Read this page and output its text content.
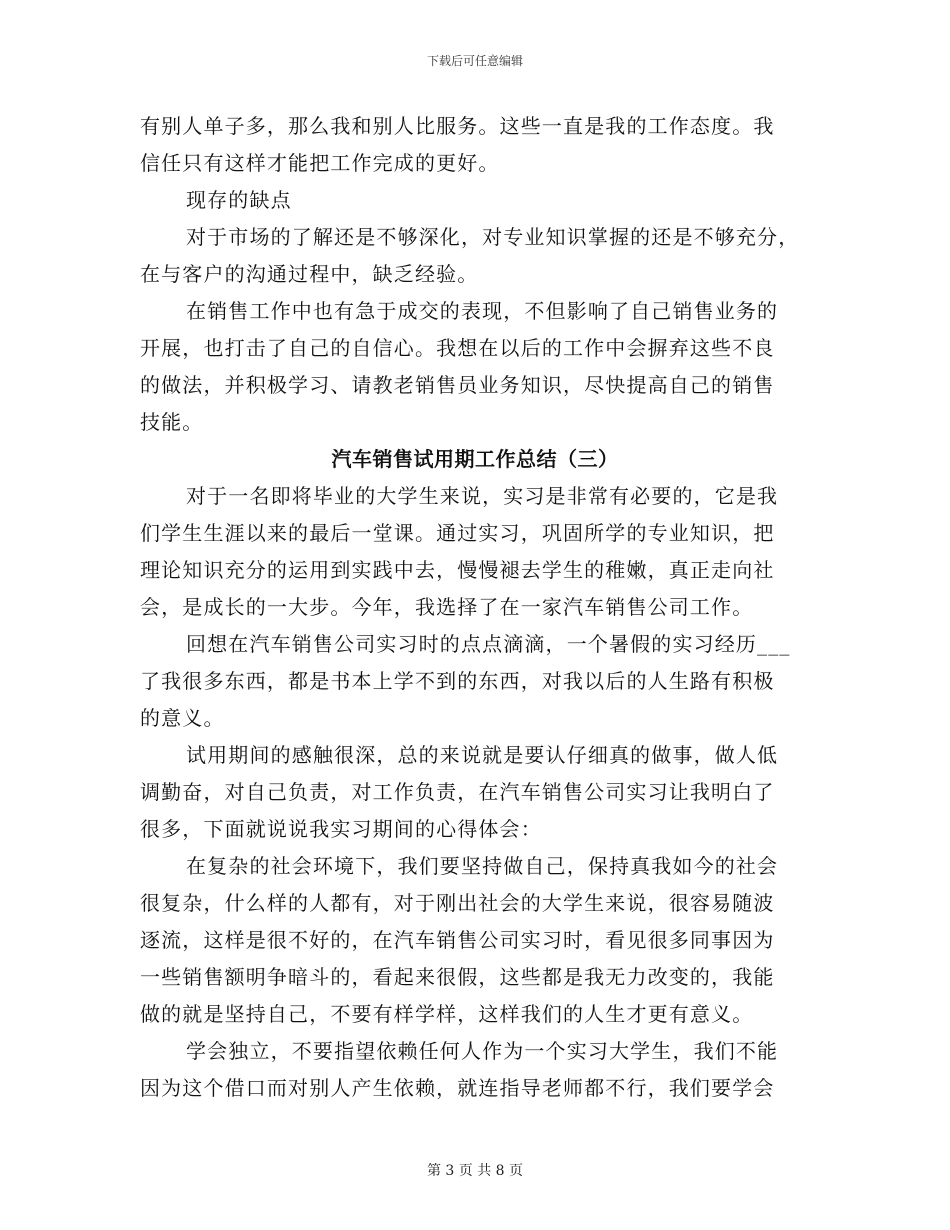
下载后可任意编辑
有别人单子多，那么我和别人比服务。这些一直是我的工作态度。我
信任只有这样才能把工作完成的更好。
现存的缺点
对于市场的了解还是不够深化，对专业知识掌握的还是不够充分，
在与客户的沟通过程中，缺乏经验。
在销售工作中也有急于成交的表现，不但影响了自己销售业务的
开展，也打击了自己的自信心。我想在以后的工作中会摒弃这些不良
的做法，并积极学习、请教老销售员业务知识，尽快提高自己的销售
技能。
汽车销售试用期工作总结（三）
对于一名即将毕业的大学生来说，实习是非常有必要的，它是我
们学生生涯以来的最后一堂课。通过实习，巩固所学的专业知识，把
理论知识充分的运用到实践中去，慢慢褪去学生的稚嫩，真正走向社
会，是成长的一大步。今年，我选择了在一家汽车销售公司工作。
回想在汽车销售公司实习时的点点滴滴，一个暑假的实习经历___
了我很多东西，都是书本上学不到的东西，对我以后的人生路有积极
的意义。
试用期间的感触很深，总的来说就是要认仔细真的做事，做人低
调勤奋，对自己负责，对工作负责，在汽车销售公司实习让我明白了
很多，下面就说说我实习期间的心得体会：
在复杂的社会环境下，我们要坚持做自己，保持真我如今的社会
很复杂，什么样的人都有，对于刚出社会的大学生来说，很容易随波
逐流，这样是很不好的，在汽车销售公司实习时，看见很多同事因为
一些销售额明争暗斗的，看起来很假，这些都是我无力改变的，我能
做的就是坚持自己，不要有样学样，这样我们的人生才更有意义。
学会独立，不要指望依赖任何人作为一个实习大学生，我们不能
因为这个借口而对别人产生依赖，就连指导老师都不行，我们要学会
第 3 页 共 8 页
